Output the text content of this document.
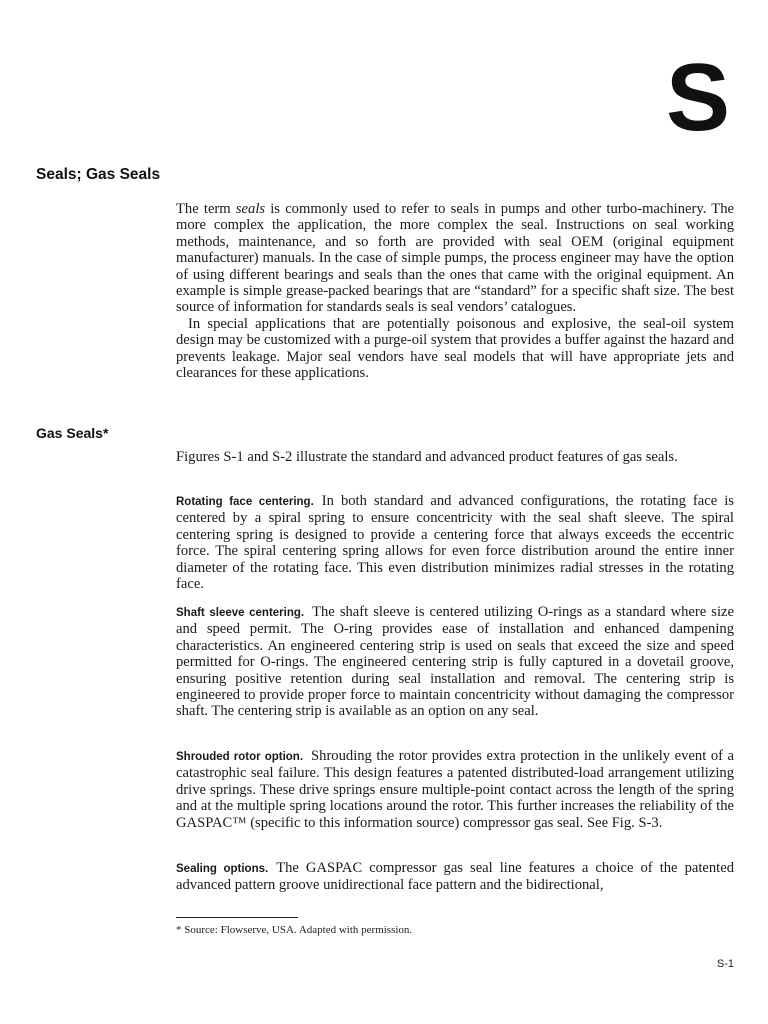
S
Seals; Gas Seals

The term seals is commonly used to refer to seals in pumps and other turbo-machinery. The more complex the application, the more complex the seal. Instructions on seal working methods, maintenance, and so forth are provided with seal OEM (original equipment manufacturer) manuals. In the case of simple pumps, the process engineer may have the option of using different bearings and seals than the ones that came with the original equipment. An example is simple grease-packed bearings that are “standard” for a specific shaft size. The best source of information for standards seals is seal vendors’ catalogues.

In special applications that are potentially poisonous and explosive, the seal-oil system design may be customized with a purge-oil system that provides a buffer against the hazard and prevents leakage. Major seal vendors have seal models that will have appropriate jets and clearances for these applications.

Gas Seals*

Figures S-1 and S-2 illustrate the standard and advanced product features of gas seals.

Rotating face centering. In both standard and advanced configurations, the rotating face is centered by a spiral spring to ensure concentricity with the seal shaft sleeve. The spiral centering spring is designed to provide a centering force that always exceeds the eccentric force. The spiral centering spring allows for even force distribution around the entire inner diameter of the rotating face. This even distribution minimizes radial stresses in the rotating face.

Shaft sleeve centering. The shaft sleeve is centered utilizing O-rings as a standard where size and speed permit. The O-ring provides ease of installation and enhanced dampening characteristics. An engineered centering strip is used on seals that exceed the size and speed permitted for O-rings. The engineered centering strip is fully captured in a dovetail groove, ensuring positive retention during seal installation and removal. The centering strip is engineered to provide proper force to maintain concentricity without damaging the compressor shaft. The centering strip is available as an option on any seal.

Shrouded rotor option. Shrouding the rotor provides extra protection in the unlikely event of a catastrophic seal failure. This design features a patented distributed-load arrangement utilizing drive springs. These drive springs ensure multiple-point contact across the length of the spring and at the multiple spring locations around the rotor. This further increases the reliability of the GASPAC™ (specific to this information source) compressor gas seal. See Fig. S-3.

Sealing options. The GASPAC compressor gas seal line features a choice of the patented advanced pattern groove unidirectional face pattern and the bidirectional,

* Source: Flowserve, USA. Adapted with permission.
S-1
